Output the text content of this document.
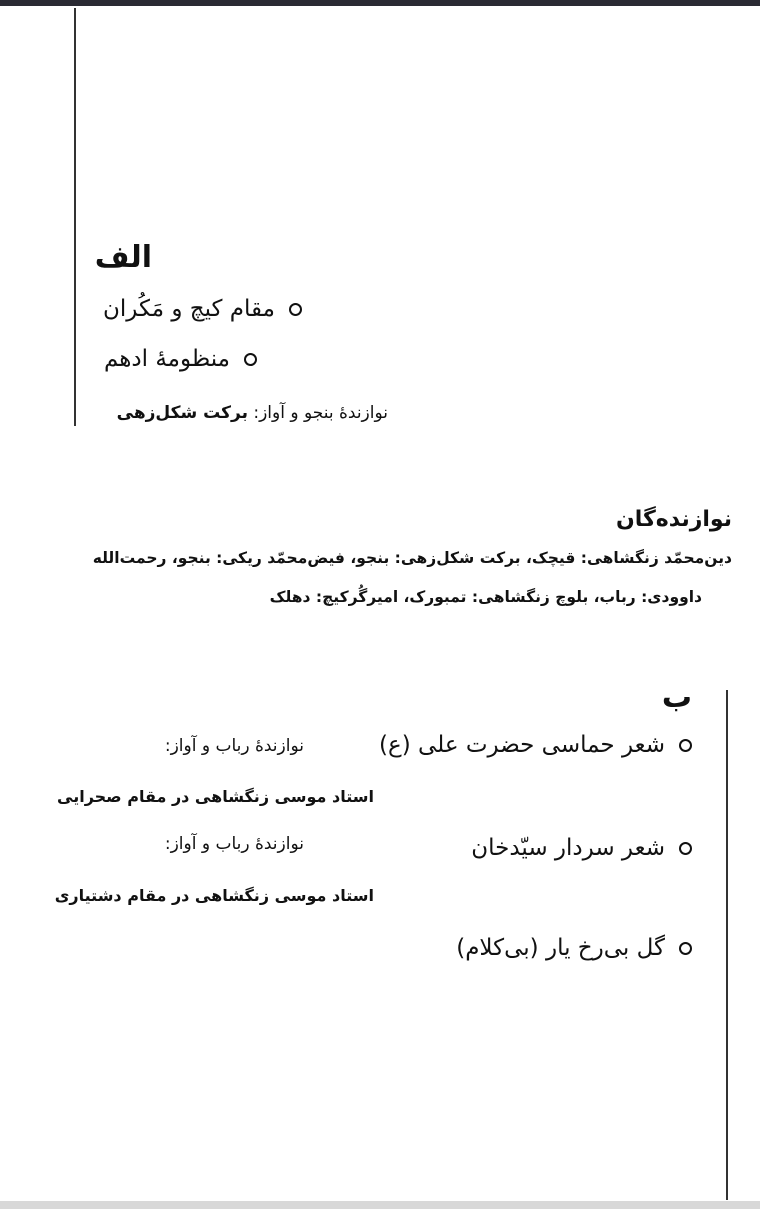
الف
مقام کیچ و مَکُران
منظومهٔ ادهم
نوازندهٔ بنجو و آواز: برکت شکل‌زهی
نوازنده‌گان
دین‌محمّد زنگشاهی: قیچک، برکت شکل‌زهی: بنجو، فیض‌محمّد ریکی: بنجو، رحمت‌الله
داوودی: رباب، بلوچ زنگشاهی: تمبورک، امیرگُرکیچ: دهلک
ب
شعر حماسی حضرت علی (ع)
نوازندهٔ رباب و آواز:
استاد موسی زنگشاهی در مقام صحرایی
شعر سردار سیّدخان
نوازندهٔ رباب و آواز:
استاد موسی زنگشاهی در مقام دشتیاری
گل بی‌رخ یار (بی‌کلام)
